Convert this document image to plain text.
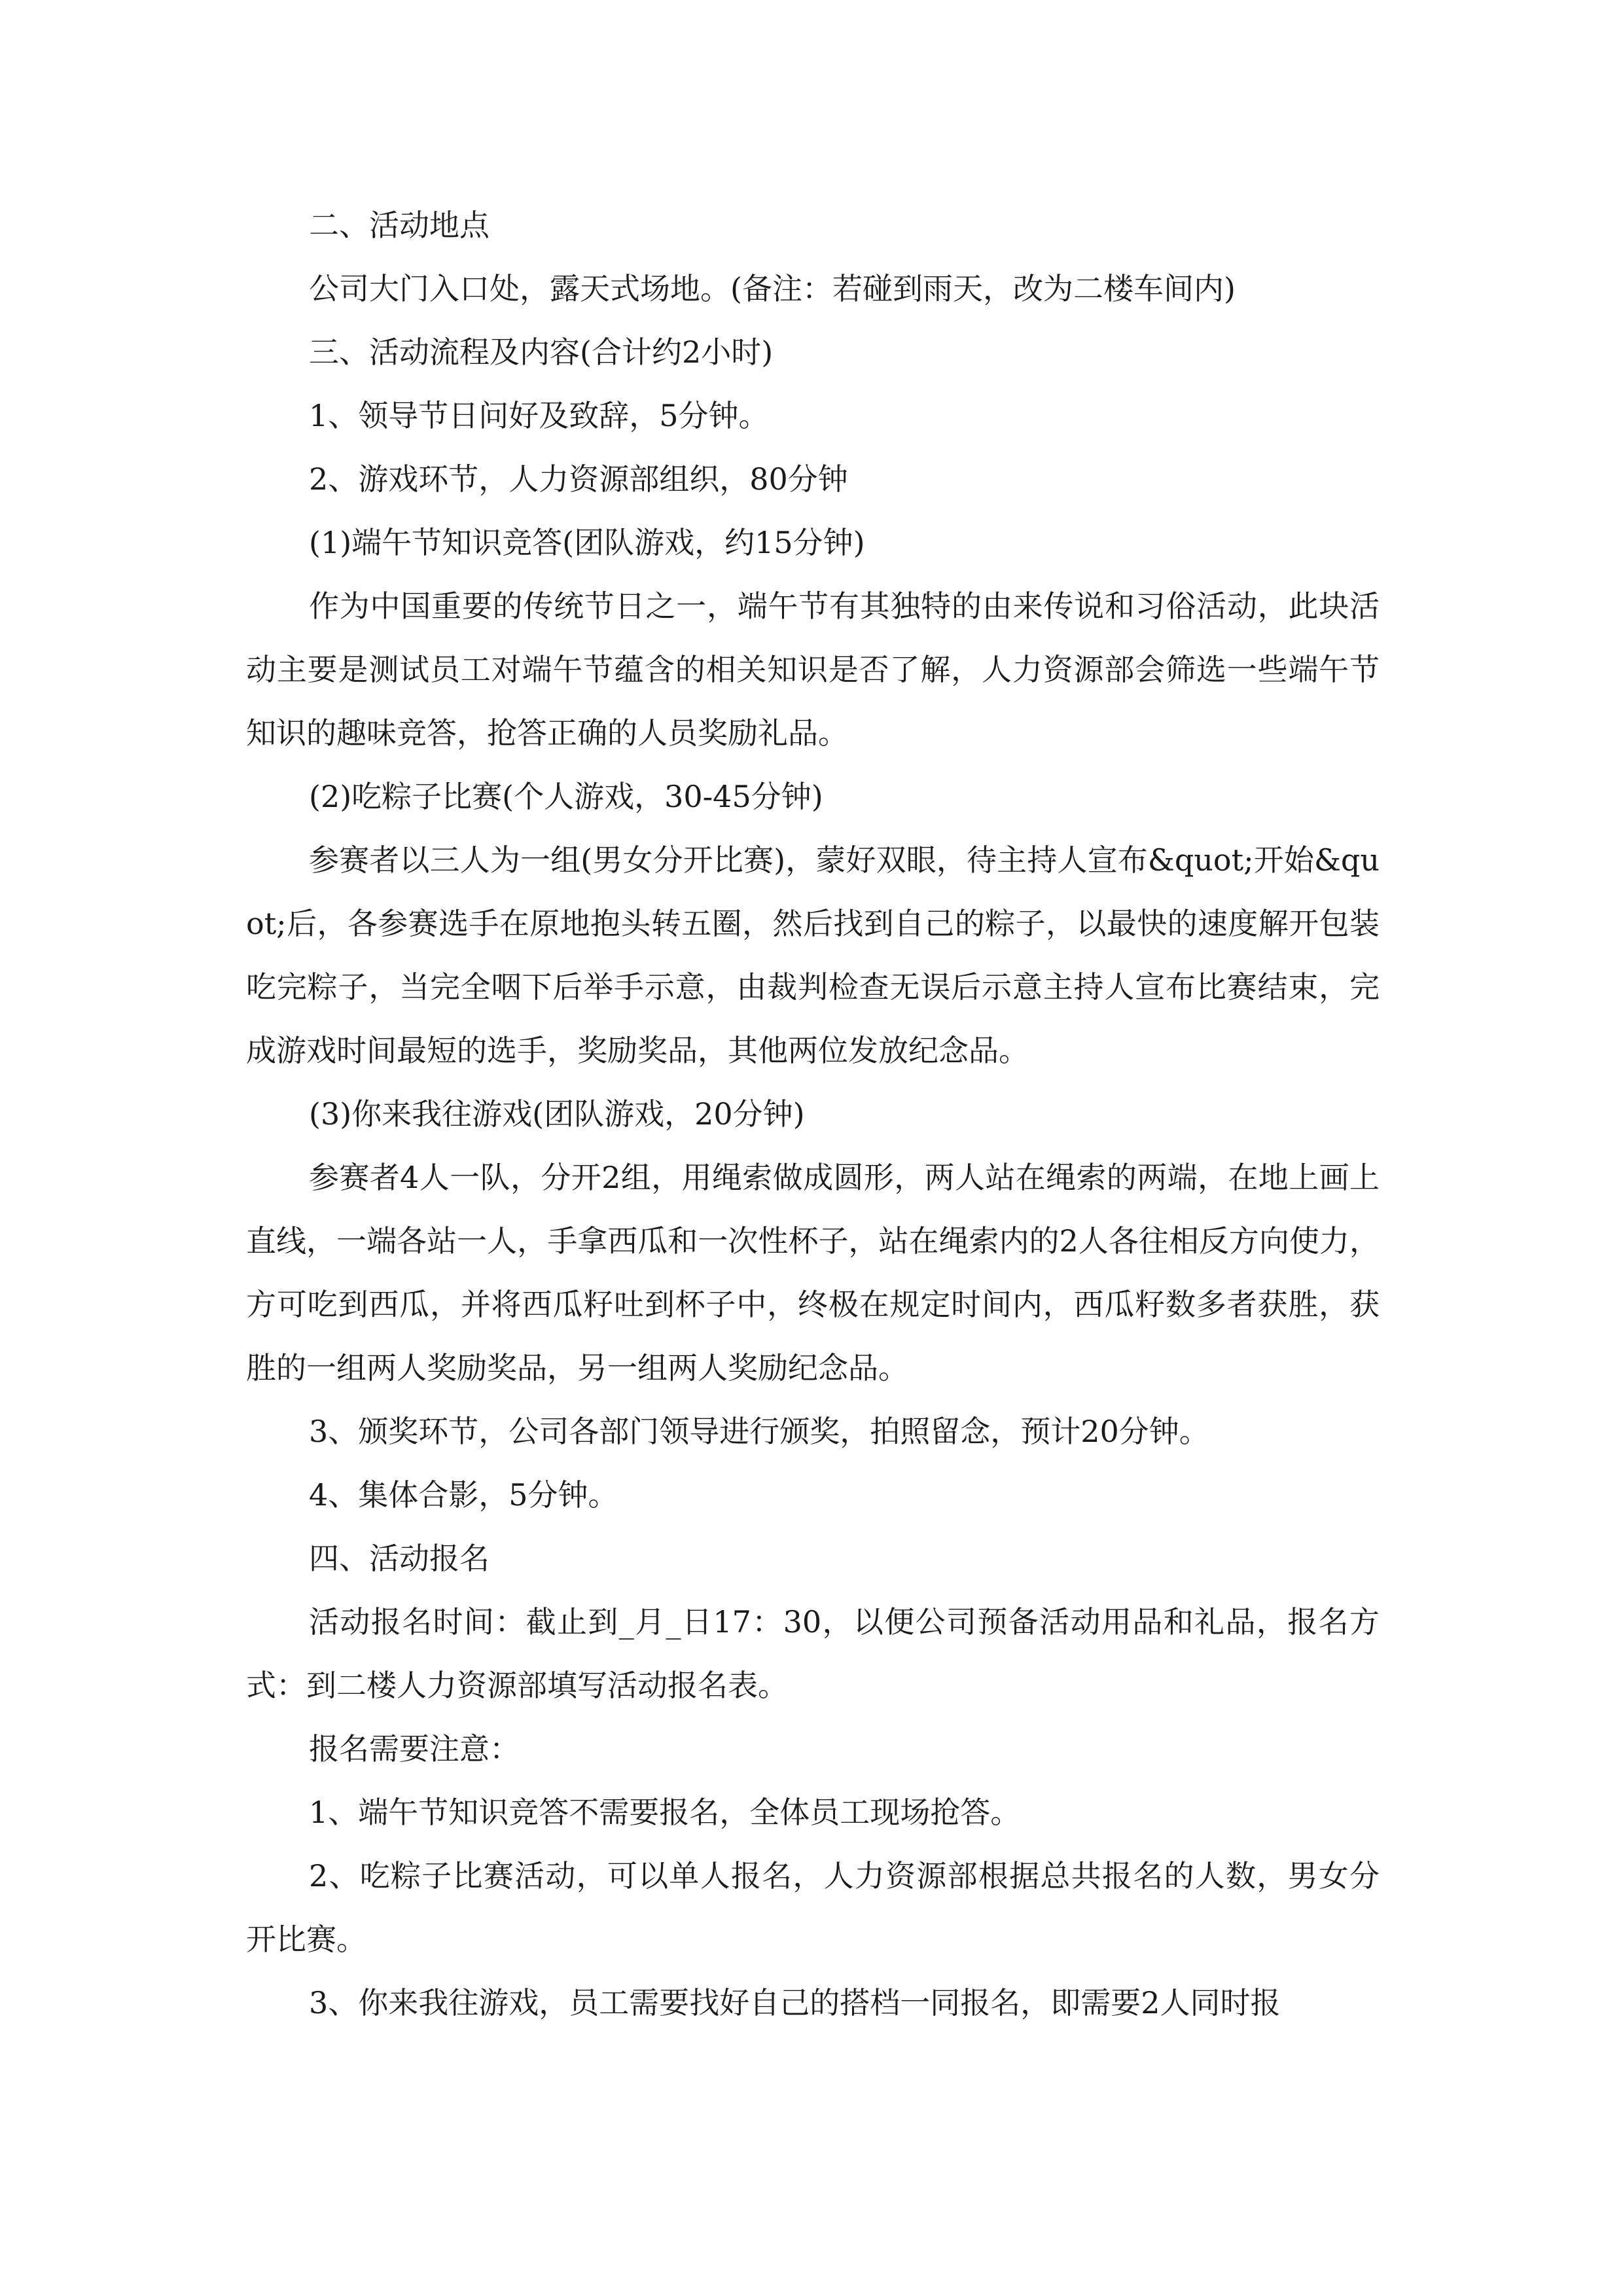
二、活动地点

公司大门入口处，露天式场地。(备注：若碰到雨天，改为二楼车间内)

三、活动流程及内容(合计约2小时)

1、领导节日问好及致辞，5分钟。

2、游戏环节，人力资源部组织，80分钟

(1)端午节知识竞答(团队游戏，约15分钟)

作为中国重要的传统节日之一，端午节有其独特的由来传说和习俗活动，此块活动主要是测试员工对端午节蕴含的相关知识是否了解，人力资源部会筛选一些端午节知识的趣味竞答，抢答正确的人员奖励礼品。

(2)吃粽子比赛(个人游戏，30-45分钟)

参赛者以三人为一组(男女分开比赛)，蒙好双眼，待主持人宣布&quot;开始&quot;后，各参赛选手在原地抱头转五圈，然后找到自己的粽子，以最快的速度解开包装吃完粽子，当完全咽下后举手示意，由裁判检查无误后示意主持人宣布比赛结束，完成游戏时间最短的选手，奖励奖品，其他两位发放纪念品。

(3)你来我往游戏(团队游戏，20分钟)

参赛者4人一队，分开2组，用绳索做成圆形，两人站在绳索的两端，在地上画上直线，一端各站一人，手拿西瓜和一次性杯子，站在绳索内的2人各往相反方向使力，方可吃到西瓜，并将西瓜籽吐到杯子中，终极在规定时间内，西瓜籽数多者获胜，获胜的一组两人奖励奖品，另一组两人奖励纪念品。

3、颁奖环节，公司各部门领导进行颁奖，拍照留念，预计20分钟。

4、集体合影，5分钟。

四、活动报名

活动报名时间：截止到_月_日17：30，以便公司预备活动用品和礼品，报名方式：到二楼人力资源部填写活动报名表。

报名需要注意：

1、端午节知识竞答不需要报名，全体员工现场抢答。

2、吃粽子比赛活动，可以单人报名，人力资源部根据总共报名的人数，男女分开比赛。

3、你来我往游戏，员工需要找好自己的搭档一同报名，即需要2人同时报
